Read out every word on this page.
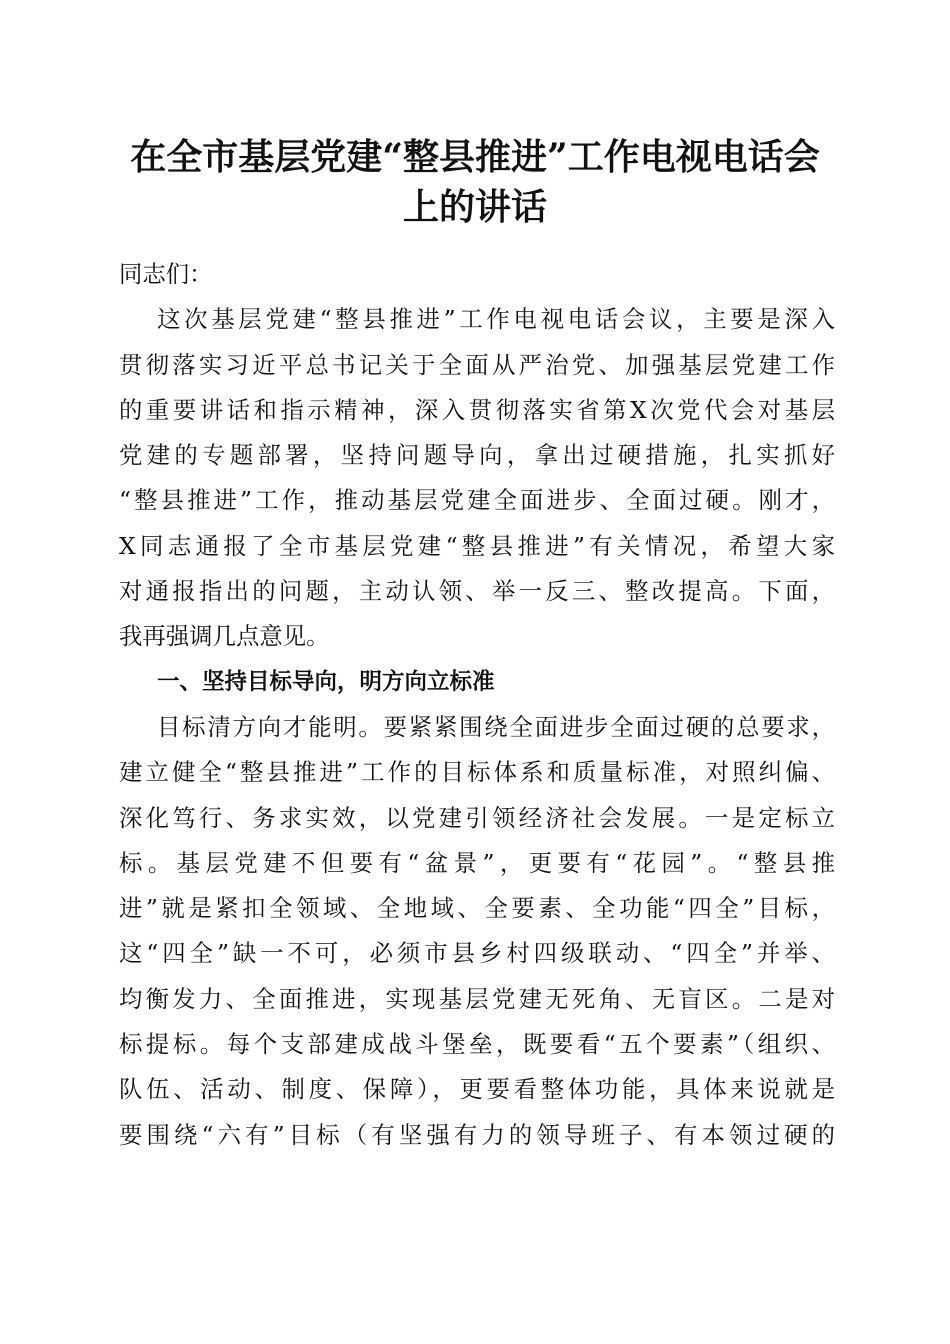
在全市基层党建“整县推进”工作电视电话会
上的讲话
同志们：
这次基层党建“整县推进”工作电视电话会议，主要是深入
贯彻落实习近平总书记关于全面从严治党、加强基层党建工作
的重要讲话和指示精神，深入贯彻落实省第X次党代会对基层
党建的专题部署，坚持问题导向，拿出过硬措施，扎实抓好
“整县推进”工作，推动基层党建全面进步、全面过硬。刚才，
X同志通报了全市基层党建“整县推进”有关情况，希望大家
对通报指出的问题，主动认领、举一反三、整改提高。下面，
我再强调几点意见。
一、坚持目标导向，明方向立标准
目标清方向才能明。要紧紧围绕全面进步全面过硬的总要求，
建立健全“整县推进”工作的目标体系和质量标准，对照纠偏、
深化笃行、务求实效，以党建引领经济社会发展。一是定标立
标。基层党建不但要有“盆景”，更要有“花园”。“整县推
进”就是紧扣全领域、全地域、全要素、全功能“四全”目标，
这“四全”缺一不可，必须市县乡村四级联动、“四全”并举、
均衡发力、全面推进，实现基层党建无死角、无盲区。二是对
标提标。每个支部建成战斗堡垒，既要看“五个要素”（组织、
队伍、活动、制度、保障），更要看整体功能，具体来说就是
要围绕“六有”目标（有坚强有力的领导班子、有本领过硬的
